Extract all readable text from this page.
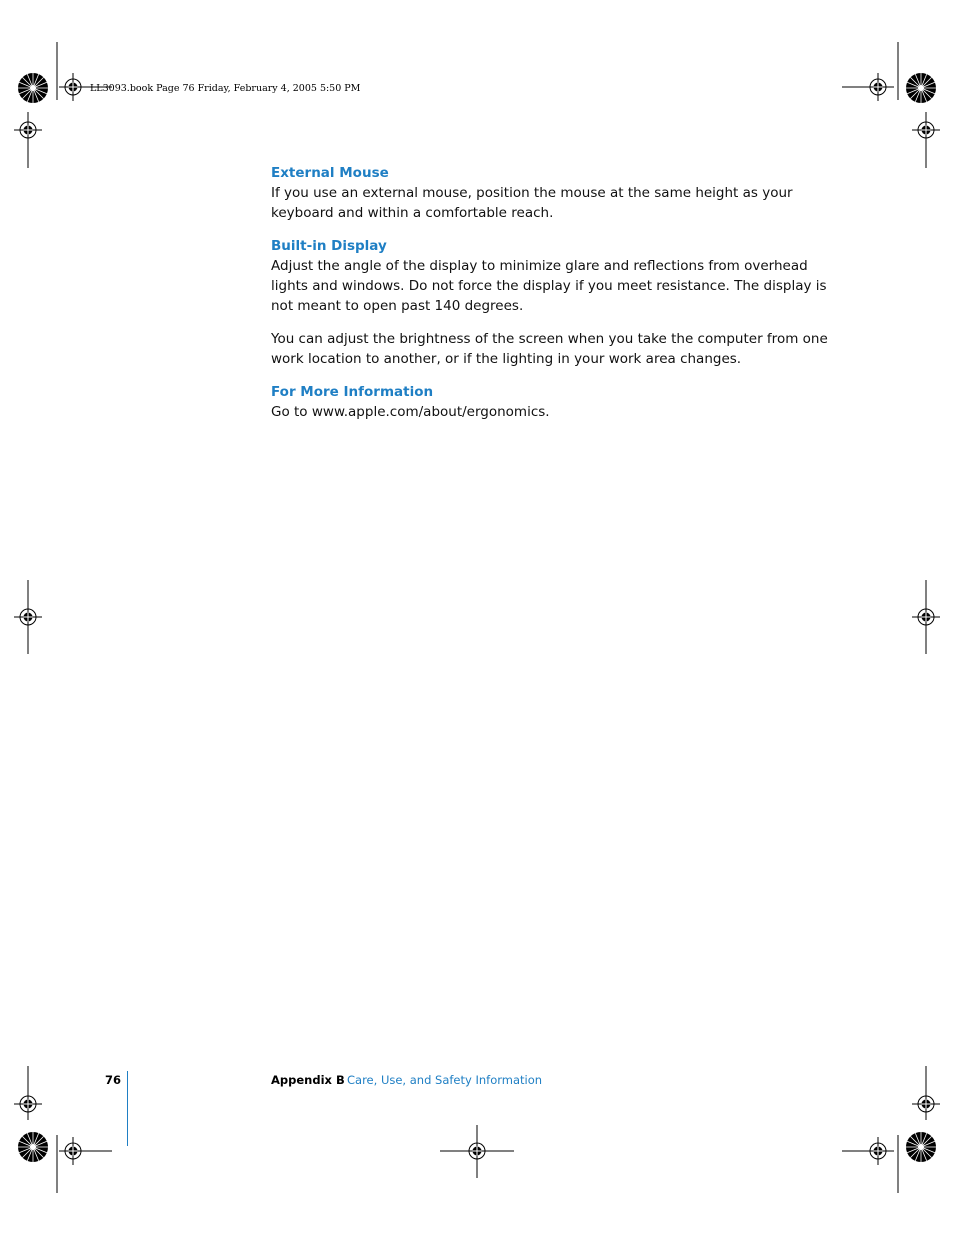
LL3093.book Page 76 Friday, February 4, 2005 5:50 PM
External Mouse

If you use an external mouse, position the mouse at the same height as your keyboard and within a comfortable reach.

Built-in Display

Adjust the angle of the display to minimize glare and reflections from overhead lights and windows. Do not force the display if you meet resistance. The display is not meant to open past 140 degrees.

You can adjust the brightness of the screen when you take the computer from one work location to another, or if the lighting in your work area changes.

For More Information

Go to www.apple.com/about/ergonomics.

76	Appendix B Care, Use, and Safety Information
